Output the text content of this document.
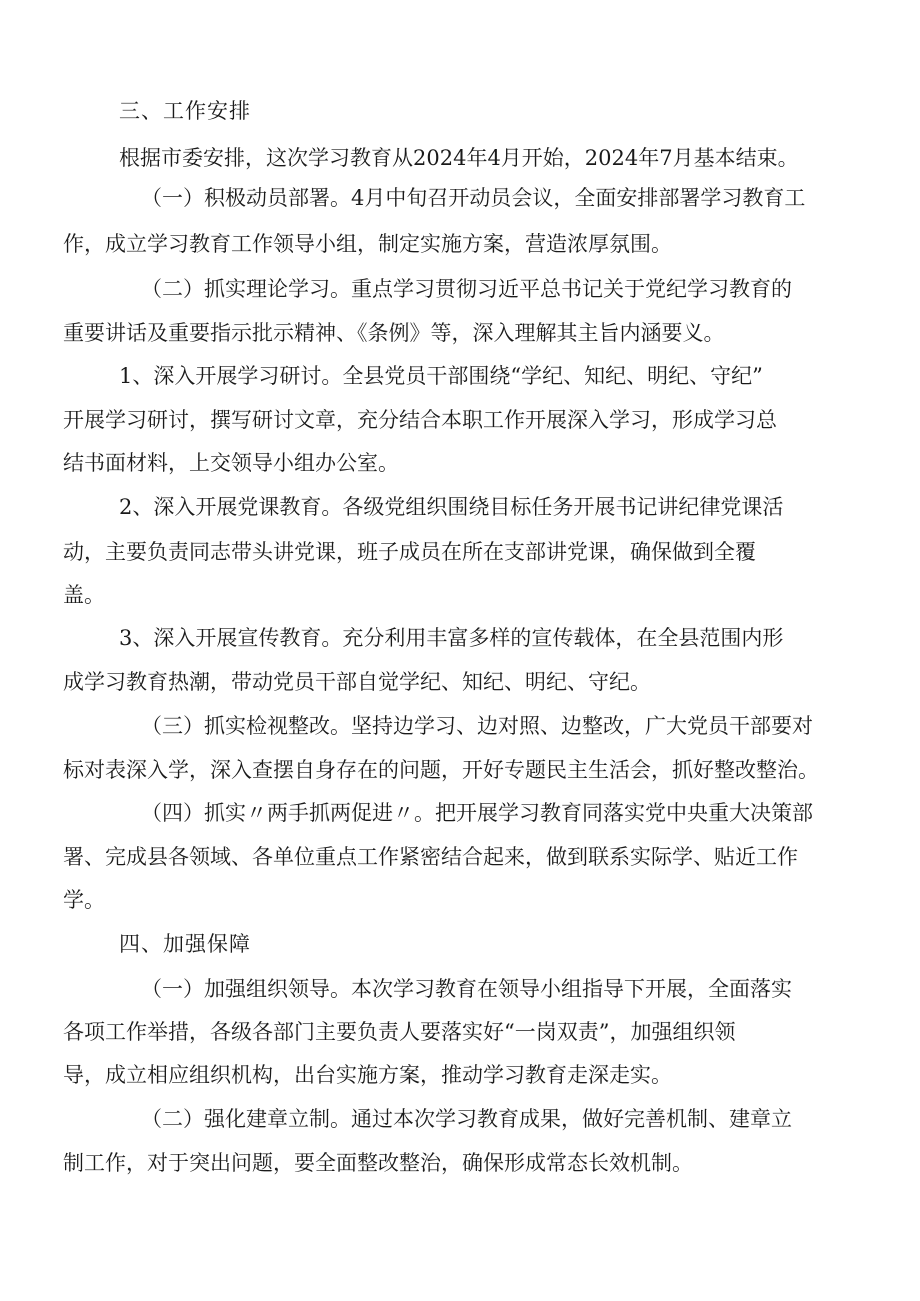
三、工作安排

根据市委安排，这次学习教育从2024年4月开始，2024年7月基本结束。

（一）积极动员部署。4月中旬召开动员会议，全面安排部署学习教育工

作，成立学习教育工作领导小组，制定实施方案，营造浓厚氛围。

（二）抓实理论学习。重点学习贯彻习近平总书记关于党纪学习教育的

重要讲话及重要指示批示精神、《条例》等，深入理解其主旨内涵要义。

1、深入开展学习研讨。全县党员干部围绕“学纪、知纪、明纪、守纪”

开展学习研讨，撰写研讨文章，充分结合本职工作开展深入学习，形成学习总

结书面材料，上交领导小组办公室。

2、深入开展党课教育。各级党组织围绕目标任务开展书记讲纪律党课活

动，主要负责同志带头讲党课，班子成员在所在支部讲党课，确保做到全覆

盖。

3、深入开展宣传教育。充分利用丰富多样的宣传载体，在全县范围内形

成学习教育热潮，带动党员干部自觉学纪、知纪、明纪、守纪。

（三）抓实检视整改。坚持边学习、边对照、边整改，广大党员干部要对

标对表深入学，深入查摆自身存在的问题，开好专题民主生活会，抓好整改整治。

（四）抓实〃两手抓两促进〃。把开展学习教育同落实党中央重大决策部

署、完成县各领域、各单位重点工作紧密结合起来，做到联系实际学、贴近工作

学。

四、加强保障

（一）加强组织领导。本次学习教育在领导小组指导下开展，全面落实

各项工作举措，各级各部门主要负责人要落实好“一岗双责”，加强组织领

导，成立相应组织机构，出台实施方案，推动学习教育走深走实。

（二）强化建章立制。通过本次学习教育成果，做好完善机制、建章立

制工作，对于突出问题，要全面整改整治，确保形成常态长效机制。
